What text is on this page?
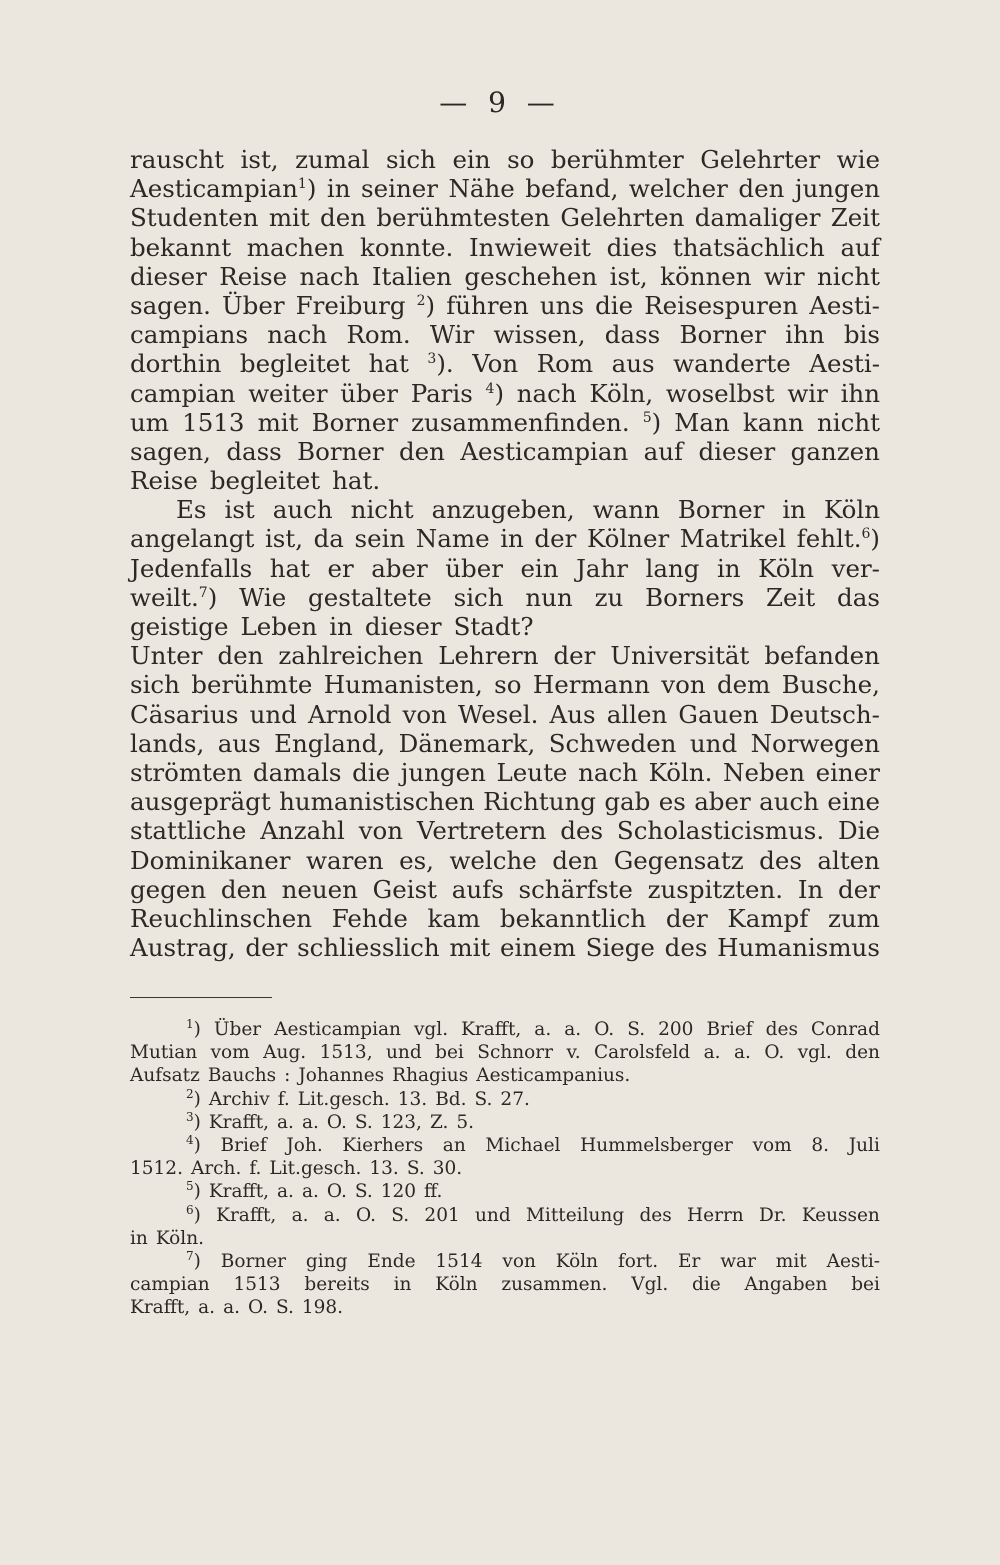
— 9 —
rauscht ist, zumal sich ein so berühmter Gelehrter wie
Aesticampian$^1$) in seiner Nähe befand, welcher den jungen
Studenten mit den berühmtesten Gelehrten damaliger Zeit
bekannt machen konnte. Inwieweit dies thatsächlich auf
dieser Reise nach Italien geschehen ist, können wir nicht
sagen. Über Freiburg $^2$) führen uns die Reisespuren Aesti-
campians nach Rom. Wir wissen, dass Borner ihn bis
dorthin begleitet hat $^3$). Von Rom aus wanderte Aesti-
campian weiter über Paris $^4$) nach Köln, woselbst wir ihn
um 1513 mit Borner zusammenfinden. $^5$) Man kann nicht
sagen, dass Borner den Aesticampian auf dieser ganzen
Reise begleitet hat.
Es ist auch nicht anzugeben, wann Borner in Köln
angelangt ist, da sein Name in der Kölner Matrikel fehlt.$^6$)
Jedenfalls hat er aber über ein Jahr lang in Köln ver-
weilt.$^7$) Wie gestaltete sich nun zu Borners Zeit das
geistige Leben in dieser Stadt?
Unter den zahlreichen Lehrern der Universität befanden
sich berühmte Humanisten, so Hermann von dem Busche,
Cäsarius und Arnold von Wesel. Aus allen Gauen Deutsch-
lands, aus England, Dänemark, Schweden und Norwegen
strömten damals die jungen Leute nach Köln. Neben einer
ausgeprägt humanistischen Richtung gab es aber auch eine
stattliche Anzahl von Vertretern des Scholasticismus. Die
Dominikaner waren es, welche den Gegensatz des alten
gegen den neuen Geist aufs schärfste zuspitzten. In der
Reuchlinschen Fehde kam bekanntlich der Kampf zum
Austrag, der schliesslich mit einem Siege des Humanismus
$^1$) Über Aesticampian vgl. Krafft, a. a. O. S. 200 Brief des Conrad
Mutian vom Aug. 1513, und bei Schnorr v. Carolsfeld a. a. O. vgl. den
Aufsatz Bauchs : Johannes Rhagius Aesticampanius.
$^2$) Archiv f. Lit.gesch. 13. Bd. S. 27.
$^3$) Krafft, a. a. O. S. 123, Z. 5.
$^4$) Brief Joh. Kierhers an Michael Hummelsberger vom 8. Juli
1512. Arch. f. Lit.gesch. 13. S. 30.
$^5$) Krafft, a. a. O. S. 120 ff.
$^6$) Krafft, a. a. O. S. 201 und Mitteilung des Herrn Dr. Keussen
in Köln.
$^7$) Borner ging Ende 1514 von Köln fort. Er war mit Aesti-
campian 1513 bereits in Köln zusammen. Vgl. die Angaben bei
Krafft, a. a. O. S. 198.
